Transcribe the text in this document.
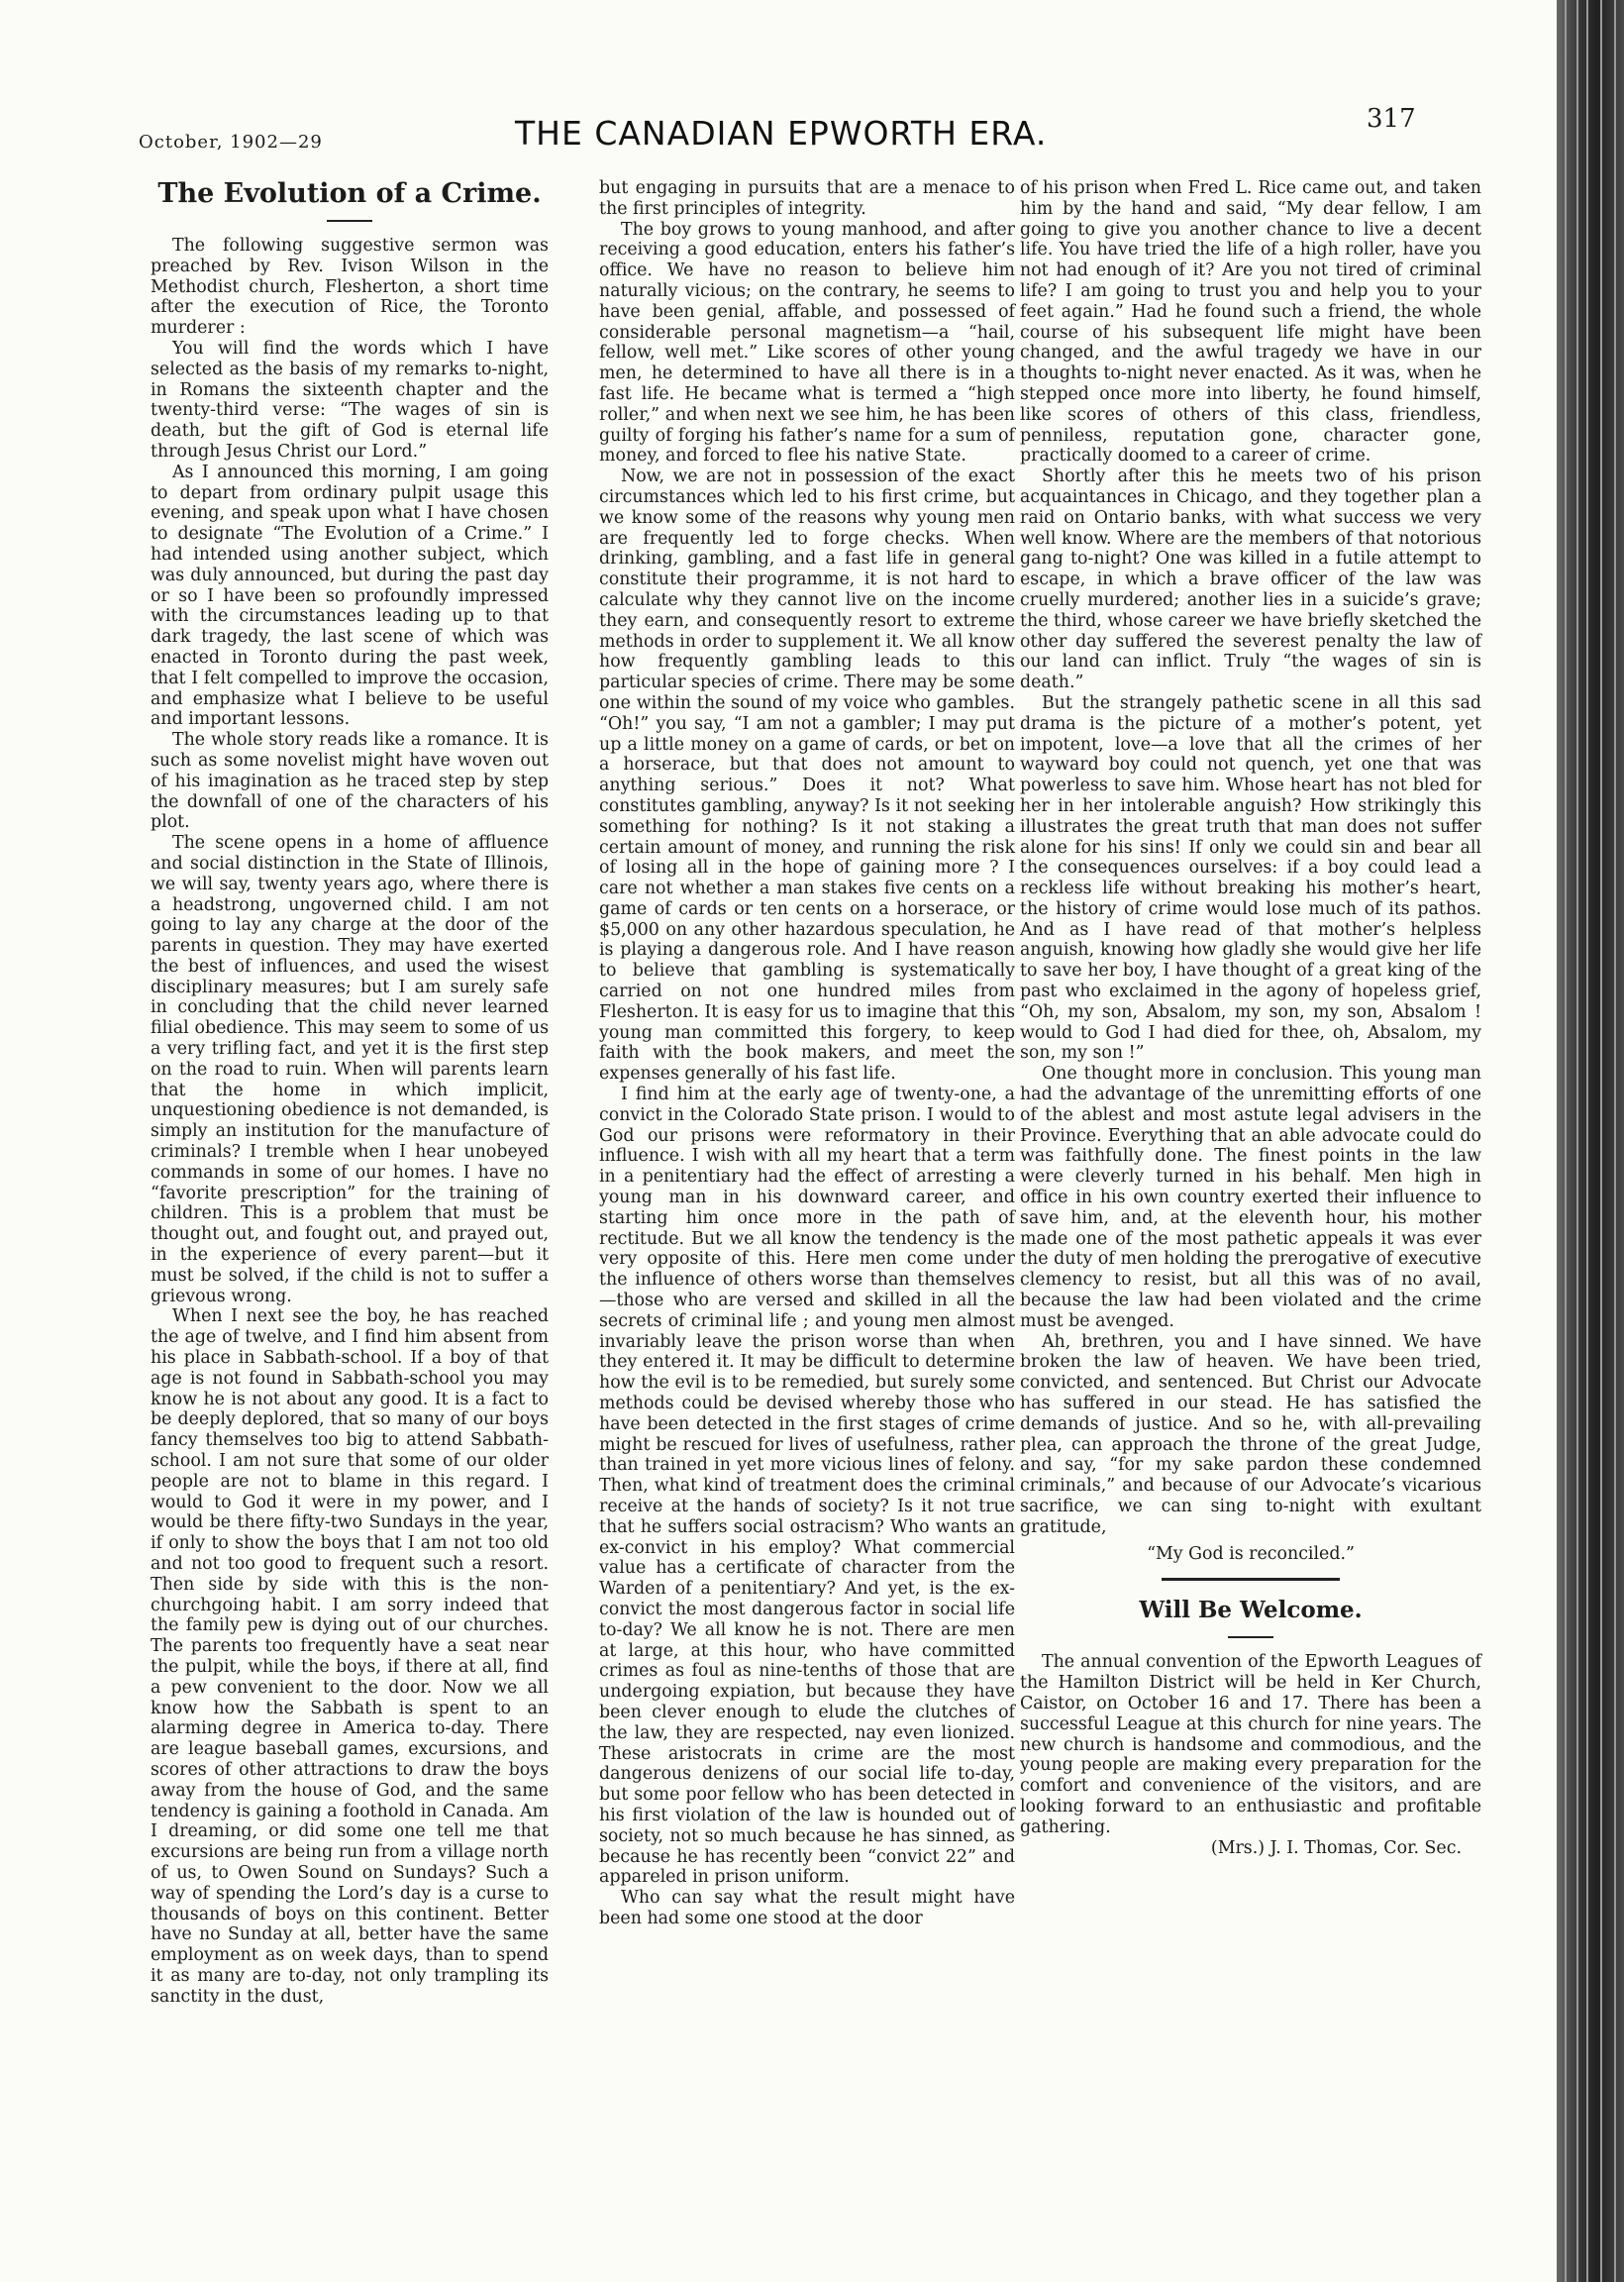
October, 1902—29	THE CANADIAN EPWORTH ERA.	317

The Evolution of a Crime.

The following suggestive sermon was preached by Rev. Ivison Wilson in the Methodist church, Flesherton, a short time after the execution of Rice, the Toronto murderer :

You will find the words which I have selected as the basis of my remarks to-night, in Romans the sixteenth chapter and the twenty-third verse: “The wages of sin is death, but the gift of God is eternal life through Jesus Christ our Lord.”

As I announced this morning, I am going to depart from ordinary pulpit usage this evening, and speak upon what I have chosen to designate “The Evolution of a Crime.” I had intended using another subject, which was duly announced, but during the past day or so I have been so profoundly impressed with the circumstances leading up to that dark tragedy, the last scene of which was enacted in Toronto during the past week, that I felt compelled to improve the occasion, and emphasize what I believe to be useful and important lessons.

The whole story reads like a romance. It is such as some novelist might have woven out of his imagination as he traced step by step the downfall of one of the characters of his plot.

The scene opens in a home of affluence and social distinction in the State of Illinois, we will say, twenty years ago, where there is a headstrong, ungoverned child. I am not going to lay any charge at the door of the parents in question. They may have exerted the best of influences, and used the wisest disciplinary measures; but I am surely safe in concluding that the child never learned filial obedience. This may seem to some of us a very trifling fact, and yet it is the first step on the road to ruin. When will parents learn that the home in which implicit, unquestioning obedience is not demanded, is simply an institution for the manufacture of criminals? I tremble when I hear unobeyed commands in some of our homes. I have no “favorite prescription” for the training of children. This is a problem that must be thought out, and fought out, and prayed out, in the experience of every parent—but it must be solved, if the child is not to suffer a grievous wrong.

When I next see the boy, he has reached the age of twelve, and I find him absent from his place in Sabbath-school. If a boy of that age is not found in Sabbath-school you may know he is not about any good. It is a fact to be deeply deplored, that so many of our boys fancy themselves too big to attend Sabbath-school. I am not sure that some of our older people are not to blame in this regard. I would to God it were in my power, and I would be there fifty-two Sundays in the year, if only to show the boys that I am not too old and not too good to frequent such a resort. Then side by side with this is the non-churchgoing habit. I am sorry indeed that the family pew is dying out of our churches. The parents too frequently have a seat near the pulpit, while the boys, if there at all, find a pew convenient to the door. Now we all know how the Sabbath is spent to an alarming degree in America to-day. There are league baseball games, excursions, and scores of other attractions to draw the boys away from the house of God, and the same tendency is gaining a foothold in Canada. Am I dreaming, or did some one tell me that excursions are being run from a village north of us, to Owen Sound on Sundays? Such a way of spending the Lord’s day is a curse to thousands of boys on this continent. Better have no Sunday at all, better have the same employment as on week days, than to spend it as many are to-day, not only trampling its sanctity in the dust,

but engaging in pursuits that are a menace to the first principles of integrity.

The boy grows to young manhood, and after receiving a good education, enters his father’s office. We have no reason to believe him naturally vicious; on the contrary, he seems to have been genial, affable, and possessed of considerable personal magnetism—a “hail, fellow, well met.” Like scores of other young men, he determined to have all there is in a fast life. He became what is termed a “high roller,” and when next we see him, he has been guilty of forging his father’s name for a sum of money, and forced to flee his native State.

Now, we are not in possession of the exact circumstances which led to his first crime, but we know some of the reasons why young men are frequently led to forge checks. When drinking, gambling, and a fast life in general constitute their programme, it is not hard to calculate why they cannot live on the income they earn, and consequently resort to extreme methods in order to supplement it. We all know how frequently gambling leads to this particular species of crime. There may be some one within the sound of my voice who gambles. “Oh!” you say, “I am not a gambler; I may put up a little money on a game of cards, or bet on a horserace, but that does not amount to anything serious.” Does it not? What constitutes gambling, anyway? Is it not seeking something for nothing? Is it not staking a certain amount of money, and running the risk of losing all in the hope of gaining more ? I care not whether a man stakes five cents on a game of cards or ten cents on a horserace, or $5,000 on any other hazardous speculation, he is playing a dangerous role. And I have reason to believe that gambling is systematically carried on not one hundred miles from Flesherton. It is easy for us to imagine that this young man committed this forgery, to keep faith with the book makers, and meet the expenses generally of his fast life.

I find him at the early age of twenty-one, a convict in the Colorado State prison. I would to God our prisons were reformatory in their influence. I wish with all my heart that a term in a penitentiary had the effect of arresting a young man in his downward career, and starting him once more in the path of rectitude. But we all know the tendency is the very opposite of this. Here men come under the influence of others worse than themselves—those who are versed and skilled in all the secrets of criminal life ; and young men almost invariably leave the prison worse than when they entered it. It may be difficult to determine how the evil is to be remedied, but surely some methods could be devised whereby those who have been detected in the first stages of crime might be rescued for lives of usefulness, rather than trained in yet more vicious lines of felony. Then, what kind of treatment does the criminal receive at the hands of society? Is it not true that he suffers social ostracism? Who wants an ex-convict in his employ? What commercial value has a certificate of character from the Warden of a penitentiary? And yet, is the ex-convict the most dangerous factor in social life to-day? We all know he is not. There are men at large, at this hour, who have committed crimes as foul as nine-tenths of those that are undergoing expiation, but because they have been clever enough to elude the clutches of the law, they are respected, nay even lionized. These aristocrats in crime are the most dangerous denizens of our social life to-day, but some poor fellow who has been detected in his first violation of the law is hounded out of society, not so much because he has sinned, as because he has recently been “convict 22” and appareled in prison uniform.

Who can say what the result might have been had some one stood at the door

of his prison when Fred L. Rice came out, and taken him by the hand and said, “My dear fellow, I am going to give you another chance to live a decent life. You have tried the life of a high roller, have you not had enough of it? Are you not tired of criminal life? I am going to trust you and help you to your feet again.” Had he found such a friend, the whole course of his subsequent life might have been changed, and the awful tragedy we have in our thoughts to-night never enacted. As it was, when he stepped once more into liberty, he found himself, like scores of others of this class, friendless, penniless, reputation gone, character gone, practically doomed to a career of crime.

Shortly after this he meets two of his prison acquaintances in Chicago, and they together plan a raid on Ontario banks, with what success we very well know. Where are the members of that notorious gang to-night? One was killed in a futile attempt to escape, in which a brave officer of the law was cruelly murdered; another lies in a suicide’s grave; the third, whose career we have briefly sketched the other day suffered the severest penalty the law of our land can inflict. Truly “the wages of sin is death.”

But the strangely pathetic scene in all this sad drama is the picture of a mother’s potent, yet impotent, love—a love that all the crimes of her wayward boy could not quench, yet one that was powerless to save him. Whose heart has not bled for her in her intolerable anguish? How strikingly this illustrates the great truth that man does not suffer alone for his sins! If only we could sin and bear all the consequences ourselves: if a boy could lead a reckless life without breaking his mother’s heart, the history of crime would lose much of its pathos. And as I have read of that mother’s helpless anguish, knowing how gladly she would give her life to save her boy, I have thought of a great king of the past who exclaimed in the agony of hopeless grief, “Oh, my son, Absalom, my son, my son, Absalom ! would to God I had died for thee, oh, Absalom, my son, my son !”

One thought more in conclusion. This young man had the advantage of the unremitting efforts of one of the ablest and most astute legal advisers in the Province. Everything that an able advocate could do was faithfully done. The finest points in the law were cleverly turned in his behalf. Men high in office in his own country exerted their influence to save him, and, at the eleventh hour, his mother made one of the most pathetic appeals it was ever the duty of men holding the prerogative of executive clemency to resist, but all this was of no avail, because the law had been violated and the crime must be avenged.

Ah, brethren, you and I have sinned. We have broken the law of heaven. We have been tried, convicted, and sentenced. But Christ our Advocate has suffered in our stead. He has satisfied the demands of justice. And so he, with all-prevailing plea, can approach the throne of the great Judge, and say, “for my sake pardon these condemned criminals,” and because of our Advocate’s vicarious sacrifice, we can sing to-night with exultant gratitude,

“My God is reconciled.”

Will Be Welcome.

The annual convention of the Epworth Leagues of the Hamilton District will be held in Ker Church, Caistor, on October 16 and 17. There has been a successful League at this church for nine years. The new church is handsome and commodious, and the young people are making every preparation for the comfort and convenience of the visitors, and are looking forward to an enthusiastic and profitable gathering.

(Mrs.) J. I. Thomas, Cor. Sec.
